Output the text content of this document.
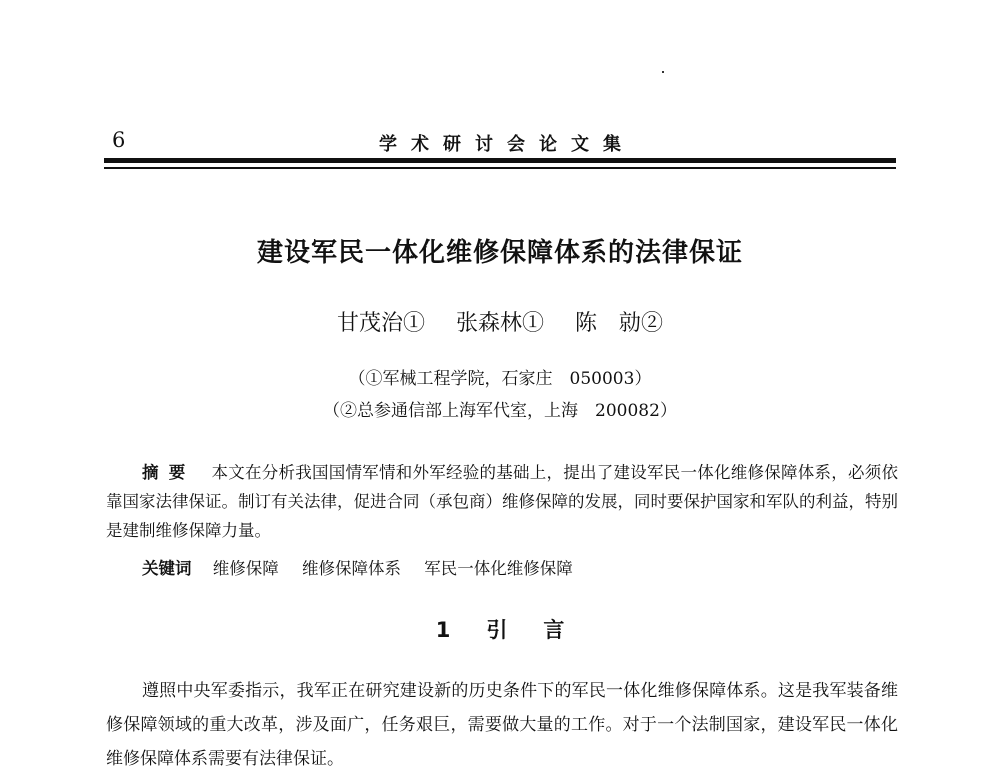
6	学术研讨会论文集
建设军民一体化维修保障体系的法律保证
甘茂治① 张森林① 陈　勍②
（①军械工程学院，石家庄　050003）
（②总参通信部上海军代室，上海　200082）
摘要 本文在分析我国国情军情和外军经验的基础上，提出了建设军民一体化维修保障体系，必须依靠国家法律保证。制订有关法律，促进合同（承包商）维修保障的发展，同时要保护国家和军队的利益，特别是建制维修保障力量。
关键词 维修保障 维修保障体系 军民一体化维修保障
1 引 言
遵照中央军委指示，我军正在研究建设新的历史条件下的军民一体化维修保障体系。这是我军装备维修保障领域的重大改革，涉及面广，任务艰巨，需要做大量的工作。对于一个法制国家，建设军民一体化维修保障体系需要有法律保证。
